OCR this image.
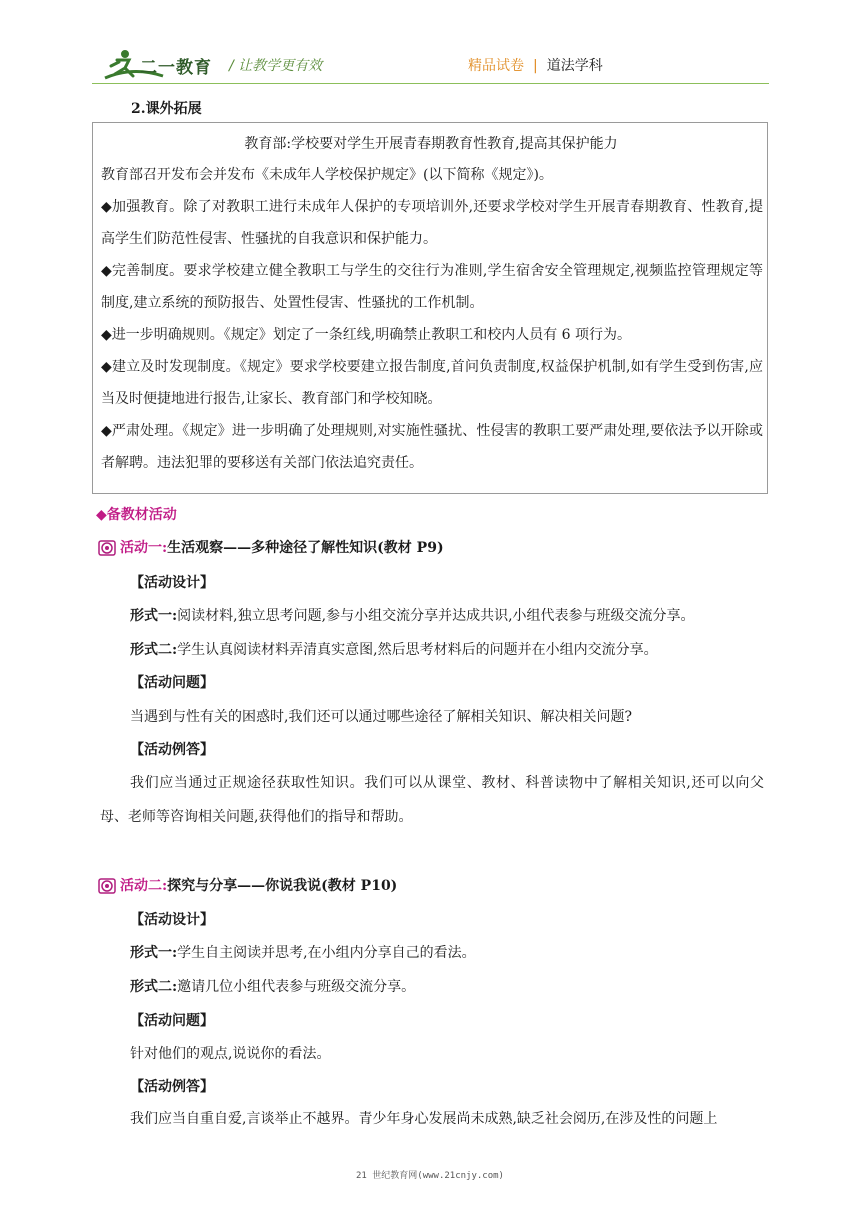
二一教育 / 让教学更有效	精品试卷 | 道法学科
2.课外拓展
教育部:学校要对学生开展青春期教育性教育,提高其保护能力

教育部召开发布会并发布《未成年人学校保护规定》(以下简称《规定》)。

◆加强教育。除了对教职工进行未成年人保护的专项培训外,还要求学校对学生开展青春期教育、性教育,提高学生们防范性侵害、性骚扰的自我意识和保护能力。

◆完善制度。要求学校建立健全教职工与学生的交往行为准则,学生宿舍安全管理规定,视频监控管理规定等制度,建立系统的预防报告、处置性侵害、性骚扰的工作机制。

◆进一步明确规则。《规定》划定了一条红线,明确禁止教职工和校内人员有 6 项行为。

◆建立及时发现制度。《规定》要求学校要建立报告制度,首问负责制度,权益保护机制,如有学生受到伤害,应当及时便捷地进行报告,让家长、教育部门和学校知晓。

◆严肃处理。《规定》进一步明确了处理规则,对实施性骚扰、性侵害的教职工要严肃处理,要依法予以开除或者解聘。违法犯罪的要移送有关部门依法追究责任。

◆备教材活动
活动一:生活观察——多种途径了解性知识(教材 P9)
【活动设计】
形式一:阅读材料,独立思考问题,参与小组交流分享并达成共识,小组代表参与班级交流分享。
形式二:学生认真阅读材料弄清真实意图,然后思考材料后的问题并在小组内交流分享。
【活动问题】
当遇到与性有关的困惑时,我们还可以通过哪些途径了解相关知识、解决相关问题?
【活动例答】

我们应当通过正规途径获取性知识。我们可以从课堂、教材、科普读物中了解相关知识,还可以向父母、老师等咨询相关问题,获得他们的指导和帮助。

活动二:探究与分享——你说我说(教材 P10)
【活动设计】
形式一:学生自主阅读并思考,在小组内分享自己的看法。
形式二:邀请几位小组代表参与班级交流分享。
【活动问题】
针对他们的观点,说说你的看法。
【活动例答】

我们应当自重自爱,言谈举止不越界。青少年身心发展尚未成熟,缺乏社会阅历,在涉及性的问题上

21 世纪教育网(www.21cnjy.com)
